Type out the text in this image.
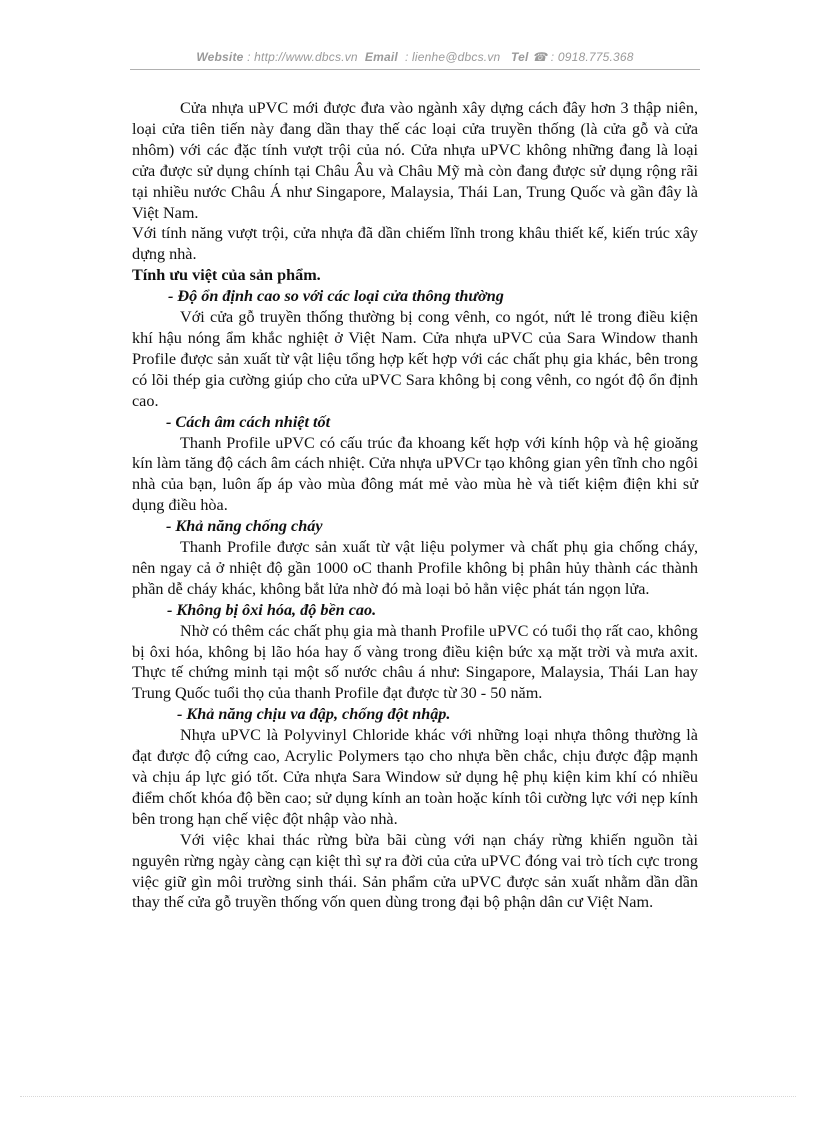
Website : http://www.dbcs.vn Email : lienhe@dbcs.vn Tel ☎ : 0918.775.368

Cửa nhựa uPVC mới được đưa vào ngành xây dựng cách đây hơn 3 thập niên, loại cửa tiên tiến này đang dần thay thế các loại cửa truyền thống (là cửa gỗ và cửa nhôm) với các đặc tính vượt trội của nó. Cửa nhựa uPVC không những đang là loại cửa được sử dụng chính tại Châu Âu và Châu Mỹ mà còn đang được sử dụng rộng rãi tại nhiều nước Châu Á như Singapore, Malaysia, Thái Lan, Trung Quốc và gần đây là Việt Nam.

Với tính năng vượt trội, cửa nhựa đã dần chiếm lĩnh trong khâu thiết kế, kiến trúc xây dựng nhà.

Tính ưu việt của sản phẩm.

- Độ ổn định cao so với các loại cửa thông thường

Với cửa gỗ truyền thống thường bị cong vênh, co ngót, nứt lẻ trong điều kiện khí hậu nóng ẩm khắc nghiệt ở Việt Nam. Cửa nhựa uPVC của Sara Window thanh Profile được sản xuất từ vật liệu tổng hợp kết hợp với các chất phụ gia khác, bên trong có lõi thép gia cường giúp cho cửa uPVC Sara không bị cong vênh, co ngót độ ổn định cao.

- Cách âm cách nhiệt tốt

Thanh Profile uPVC có cấu trúc đa khoang kết hợp với kính hộp và hệ gioăng kín làm tăng độ cách âm cách nhiệt. Cửa nhựa uPVCr tạo không gian yên tĩnh cho ngôi nhà của bạn, luôn ấp áp vào mùa đông mát mẻ vào mùa hè và tiết kiệm điện khi sử dụng điều hòa.

- Khả năng chống cháy

Thanh Profile được sản xuất từ vật liệu polymer và chất phụ gia chống cháy, nên ngay cả ở nhiệt độ gần 1000 oC thanh Profile không bị phân hủy thành các thành phần dễ cháy khác, không bắt lửa nhờ đó mà loại bỏ hẳn việc phát tán ngọn lửa.

- Không bị ôxi hóa, độ bền cao.

Nhờ có thêm các chất phụ gia mà thanh Profile uPVC có tuổi thọ rất cao, không bị ôxi hóa, không bị lão hóa hay ố vàng trong điều kiện bức xạ mặt trời và mưa axit. Thực tế chứng minh tại một số nước châu á như: Singapore, Malaysia, Thái Lan hay Trung Quốc tuổi thọ của thanh Profile đạt được từ 30 - 50 năm.

- Khả năng chịu va đập, chống đột nhập.

Nhựa uPVC là Polyvinyl Chloride khác với những loại nhựa thông thường là đạt được độ cứng cao, Acrylic Polymers tạo cho nhựa bền chắc, chịu được đập mạnh và chịu áp lực gió tốt. Cửa nhựa Sara Window sử dụng hệ phụ kiện kim khí có nhiều điểm chốt khóa độ bền cao; sử dụng kính an toàn hoặc kính tôi cường lực với nẹp kính bên trong hạn chế việc đột nhập vào nhà.

Với việc khai thác rừng bừa bãi cùng với nạn cháy rừng khiến nguồn tài nguyên rừng ngày càng cạn kiệt thì sự ra đời của cửa uPVC đóng vai trò tích cực trong việc giữ gìn môi trường sinh thái. Sản phẩm cửa uPVC được sản xuất nhằm dần dần thay thế cửa gỗ truyền thống vốn quen dùng trong đại bộ phận dân cư Việt Nam.
